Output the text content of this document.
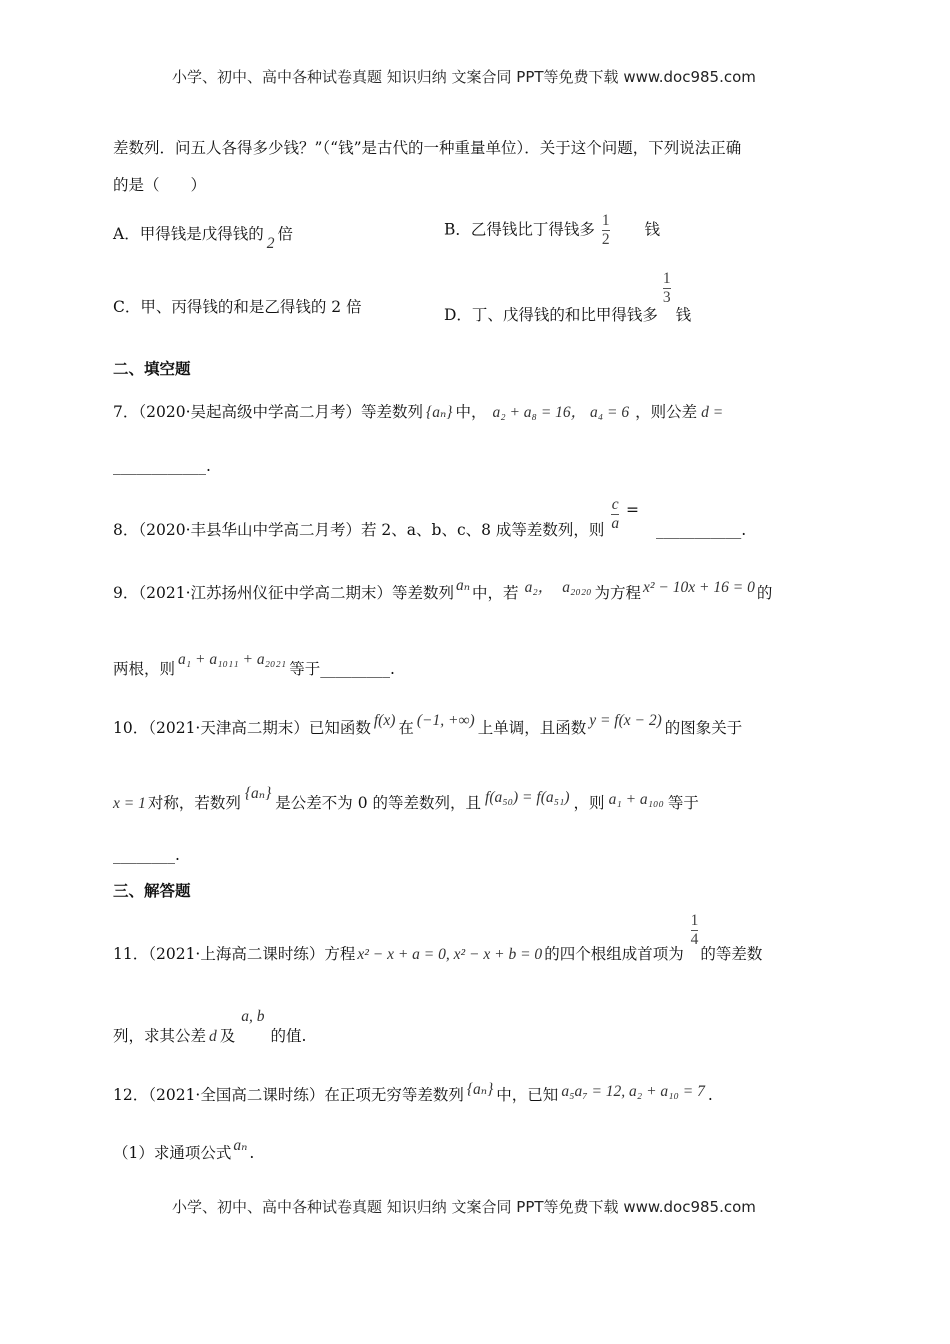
小学、初中、高中各种试卷真题 知识归纳 文案合同 PPT等免费下载 www.doc985.com
差数列．问五人各得多少钱？”（“钱”是古代的一种重量单位）．关于这个问题，下列说法正确
的是（　　）
A．甲得钱是戊得钱的2倍	B．乙得钱比丁得钱多 $\frac{1}{2}$ 钱
C．甲、丙得钱的和是乙得钱的 2 倍	D．丁、戊得钱的和比甲得钱多
$\frac{1}{3}$
钱
二、填空题
7．（2020·吴起高级中学高二月考）等差数列 {aₙ} 中， a₂ + a₈ = 16， a₄ = 6 ，则公差 d =
____________.
8．（2020·丰县华山中学高二月考）若 2、a、b、c、8 成等差数列，则 $\frac{c}{a}$ = ___________.
9．（2021·江苏扬州仪征中学高二期末）等差数列 aₙ 中，若 a₂， a₂₀₂₀ 为方程 x² − 10x + 16 = 0 的
两根，则a₁ + a₁₀₁₁ + a₂₀₂₁等于_________.
10．（2021·天津高二期末）已知函数 f(x) 在 (−1, +∞) 上单调，且函数 y = f(x − 2) 的图象关于
x = 1 对称，若数列{aₙ}是公差不为 0 的等差数列，且 f(a₅₀) = f(a₅₁) ，则 a₁ + a₁₀₀ 等于
________.
三、解答题
11．（2021·上海高二课时练）方程 x² − x + a = 0, x² − x + b = 0 的四个根组成首项为
$\frac{1}{4}$
的等差数
列，求其公差 d 及a, b的值.
12．（2021·全国高二课时练）在正项无穷等差数列 {aₙ} 中，已知 a₅a₇ = 12, a₂ + a₁₀ = 7 .
（1）求通项公式 aₙ .
小学、初中、高中各种试卷真题 知识归纳 文案合同 PPT等免费下载 www.doc985.com
